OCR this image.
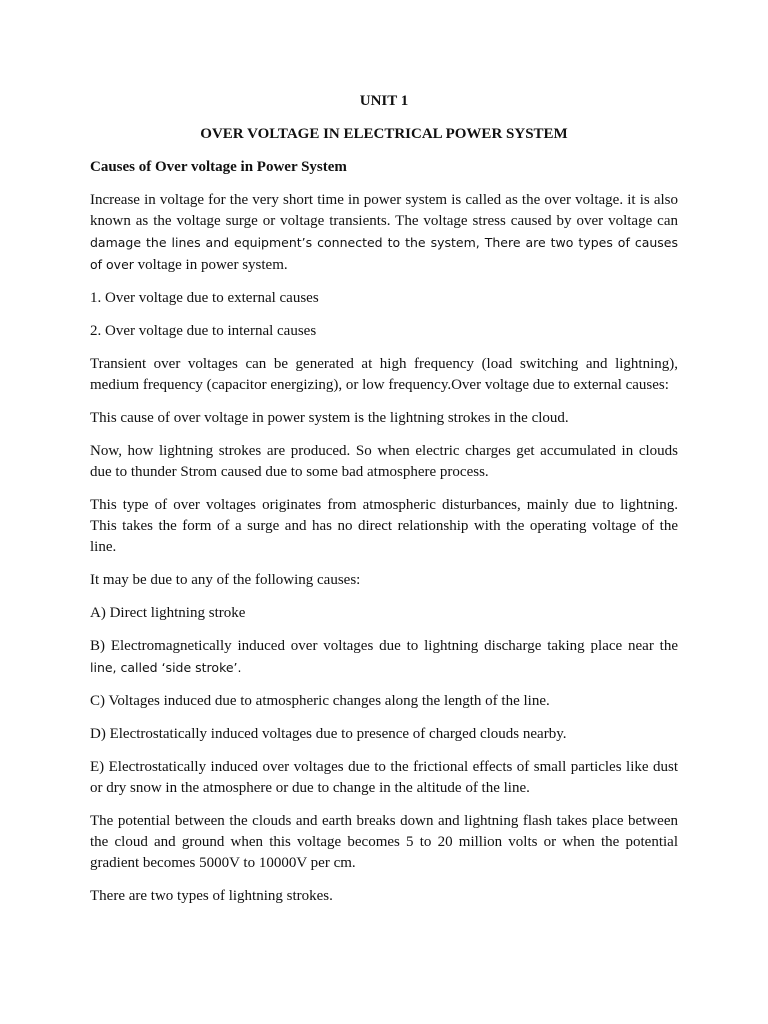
UNIT 1
OVER VOLTAGE IN ELECTRICAL POWER SYSTEM
Causes of Over voltage in Power System

Increase in voltage for the very short time in power system is called as the over voltage. it is also known as the voltage surge or voltage transients. The voltage stress caused by over voltage can damage the lines and equipment’s connected to the system, There are two types of causes of over voltage in power system.

1. Over voltage due to external causes

2. Over voltage due to internal causes

Transient over voltages can be generated at high frequency (load switching and lightning), medium frequency (capacitor energizing), or low frequency.Over voltage due to external causes:

This cause of over voltage in power system is the lightning strokes in the cloud.

Now, how lightning strokes are produced. So when electric charges get accumulated in clouds due to thunder Strom caused due to some bad atmosphere process.

This type of over voltages originates from atmospheric disturbances, mainly due to lightning. This takes the form of a surge and has no direct relationship with the operating voltage of the line.

It may be due to any of the following causes:

A) Direct lightning stroke

B) Electromagnetically induced over voltages due to lightning discharge taking place near the line, called ‘side stroke’.

C) Voltages induced due to atmospheric changes along the length of the line.

D) Electrostatically induced voltages due to presence of charged clouds nearby.

E) Electrostatically induced over voltages due to the frictional effects of small particles like dust or dry snow in the atmosphere or due to change in the altitude of the line.

The potential between the clouds and earth breaks down and lightning flash takes place between the cloud and ground when this voltage becomes 5 to 20 million volts or when the potential gradient becomes 5000V to 10000V per cm.

There are two types of lightning strokes.
